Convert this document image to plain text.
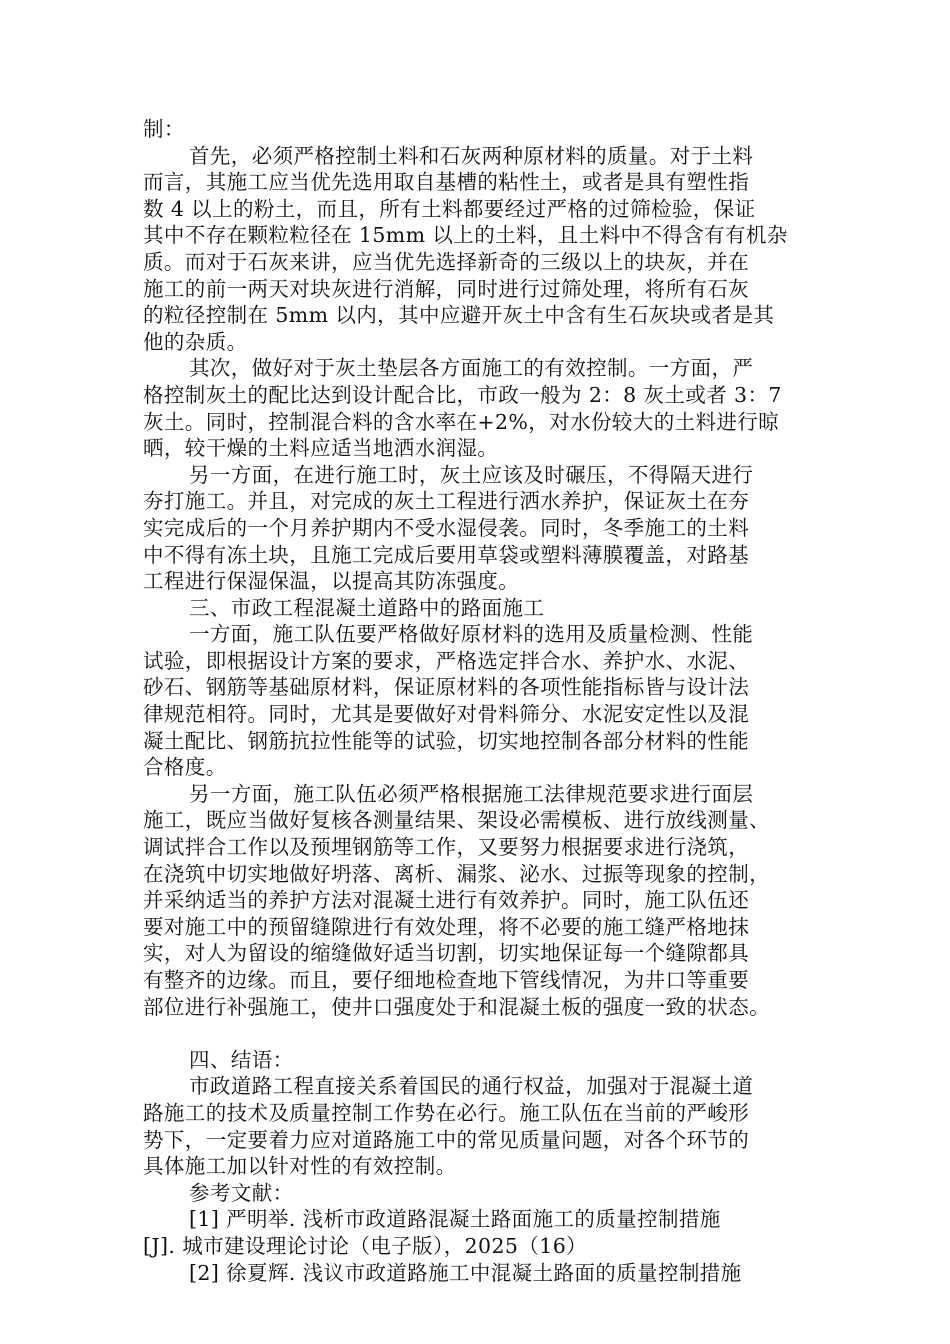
制：
首先，必须严格控制土料和石灰两种原材料的质量。对于土料
而言，其施工应当优先选用取自基槽的粘性土，或者是具有塑性指
数 4 以上的粉土，而且，所有土料都要经过严格的过筛检验，保证
其中不存在颗粒粒径在 15mm 以上的土料，且土料中不得含有有机杂
质。而对于石灰来讲，应当优先选择新奇的三级以上的块灰，并在
施工的前一两天对块灰进行消解，同时进行过筛处理，将所有石灰
的粒径控制在 5mm 以内，其中应避开灰土中含有生石灰块或者是其
他的杂质。
其次，做好对于灰土垫层各方面施工的有效控制。一方面，严
格控制灰土的配比达到设计配合比，市政一般为 2：8 灰土或者 3：7
灰土。同时，控制混合料的含水率在+2%，对水份较大的土料进行晾
晒，较干燥的土料应适当地洒水润湿。
另一方面，在进行施工时，灰土应该及时碾压，不得隔天进行
夯打施工。并且，对完成的灰土工程进行洒水养护，保证灰土在夯
实完成后的一个月养护期内不受水湿侵袭。同时，冬季施工的土料
中不得有冻土块，且施工完成后要用草袋或塑料薄膜覆盖，对路基
工程进行保湿保温，以提高其防冻强度。
三、市政工程混凝土道路中的路面施工
一方面，施工队伍要严格做好原材料的选用及质量检测、性能
试验，即根据设计方案的要求，严格选定拌合水、养护水、水泥、
砂石、钢筋等基础原材料，保证原材料的各项性能指标皆与设计法
律规范相符。同时，尤其是要做好对骨料筛分、水泥安定性以及混
凝土配比、钢筋抗拉性能等的试验，切实地控制各部分材料的性能
合格度。
另一方面，施工队伍必须严格根据施工法律规范要求进行面层
施工，既应当做好复核各测量结果、架设必需模板、进行放线测量、
调试拌合工作以及预埋钢筋等工作，又要努力根据要求进行浇筑，
在浇筑中切实地做好坍落、离析、漏浆、泌水、过振等现象的控制，
并采纳适当的养护方法对混凝土进行有效养护。同时，施工队伍还
要对施工中的预留缝隙进行有效处理，将不必要的施工缝严格地抹
实，对人为留设的缩缝做好适当切割，切实地保证每一个缝隙都具
有整齐的边缘。而且，要仔细地检查地下管线情况，为井口等重要
部位进行补强施工，使井口强度处于和混凝土板的强度一致的状态。
四、结语：
市政道路工程直接关系着国民的通行权益，加强对于混凝土道
路施工的技术及质量控制工作势在必行。施工队伍在当前的严峻形
势下，一定要着力应对道路施工中的常见质量问题，对各个环节的
具体施工加以针对性的有效控制。
参考文献：
[1] 严明举. 浅析市政道路混凝土路面施工的质量控制措施
[J]. 城市建设理论讨论（电子版），2025（16）
[2] 徐夏辉. 浅议市政道路施工中混凝土路面的质量控制措施
